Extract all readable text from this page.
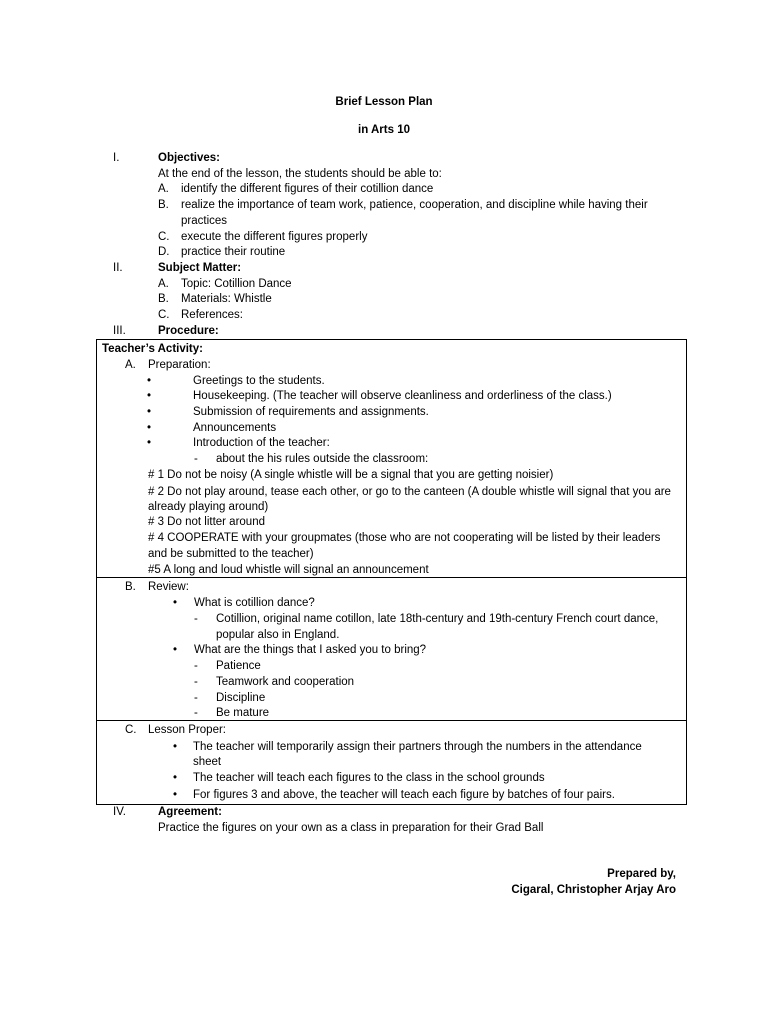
Brief Lesson Plan
in Arts 10
I.	Objectives:
At the end of the lesson, the students should be able to:
A. identify the different figures of their cotillion dance
B. realize the importance of team work, patience, cooperation, and discipline while having their
practices
C. execute the different figures properly
D. practice their routine
II.	Subject Matter:
A. Topic: Cotillion Dance
B. Materials: Whistle
C. References:
III.	Procedure:
Teacher’s Activity:
A. Preparation:
•	Greetings to the students.
•	Housekeeping. (The teacher will observe cleanliness and orderliness of the class.)
•	Submission of requirements and assignments.
•	Announcements
•	Introduction of the teacher:
- about the his rules outside the classroom:
# 1 Do not be noisy (A single whistle will be a signal that you are getting noisier)
# 2 Do not play around, tease each other, or go to the canteen (A double whistle will signal that you are
already playing around)
# 3 Do not litter around
# 4 COOPERATE with your groupmates (those who are not cooperating will be listed by their leaders
and be submitted to the teacher)
#5 A long and loud whistle will signal an announcement
B. Review:
• What is cotillion dance?
- Cotillion, original name cotillon, late 18th-century and 19th-century French court dance,
popular also in England.
• What are the things that I asked you to bring?
- Patience
- Teamwork and cooperation
- Discipline
- Be mature
C. Lesson Proper:
• The teacher will temporarily assign their partners through the numbers in the attendance
sheet
• The teacher will teach each figures to the class in the school grounds
• For figures 3 and above, the teacher will teach each figure by batches of four pairs.
IV.	Agreement:
Practice the figures on your own as a class in preparation for their Grad Ball
Prepared by,
Cigaral, Christopher Arjay Aro
